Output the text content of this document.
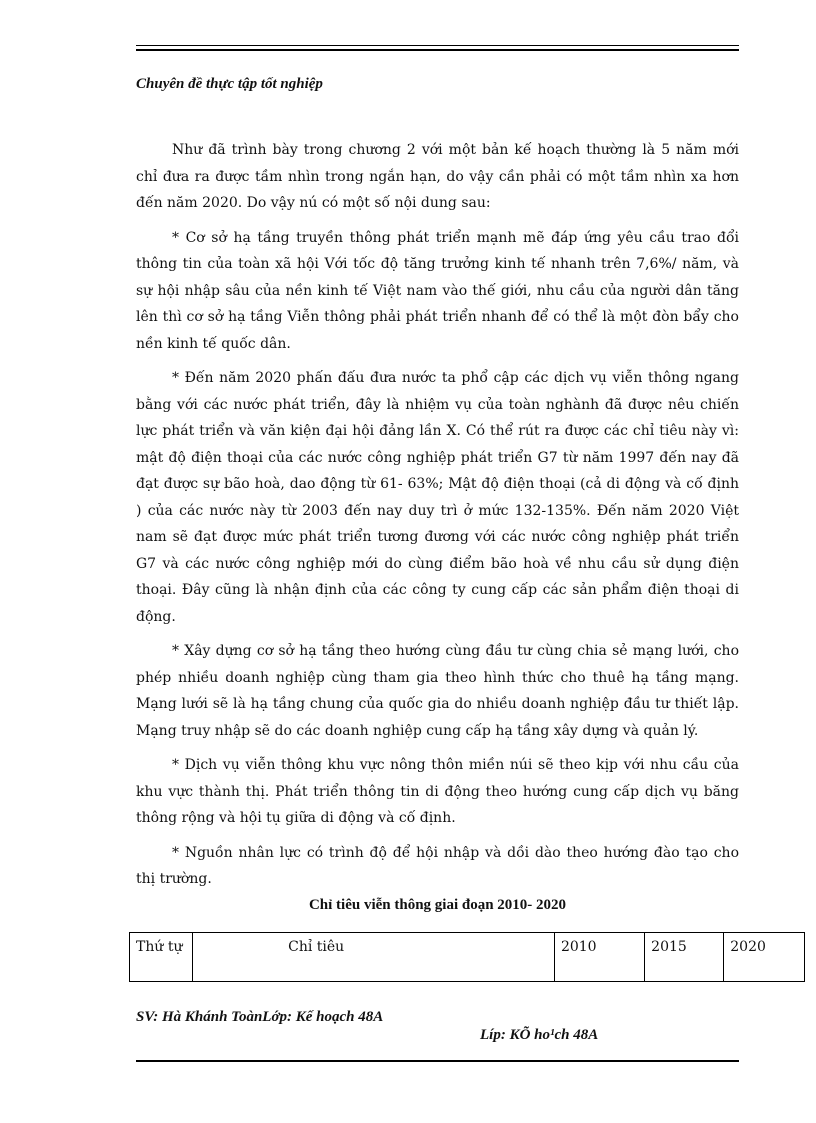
Chuyên đề thực tập tốt nghiệp

Như đã trình bày trong chương 2 với một bản kế hoạch thường là 5 năm mới chỉ đưa ra được tầm nhìn trong ngắn hạn, do vậy cần phải có một tầm nhìn xa hơn đến năm 2020. Do vậy nú có một số nội dung sau:

* Cơ sở hạ tầng truyền thông phát triển mạnh mẽ đáp ứng yêu cầu trao đổi thông tin của toàn xã hội Với tốc độ tăng trưởng kinh tế nhanh trên 7,6%/ năm, và sự hội nhập sâu của nền kinh tế Việt nam vào thế giới, nhu cầu của người dân tăng lên thì cơ sở hạ tầng Viễn thông phải phát triển nhanh để có thể là một đòn bẩy cho nền kinh tế quốc dân.

* Đến năm 2020 phấn đấu đưa nước ta phổ cập các dịch vụ viễn thông ngang bằng với các nước phát triển, đây là nhiệm vụ của toàn nghành đã được nêu chiến lực phát triển và văn kiện đại hội đảng lần X. Có thể rút ra được các chỉ tiêu này vì: mật độ điện thoại của các nước công nghiệp phát triển G7 từ năm 1997 đến nay đã đạt được sự bão hoà, dao động từ 61- 63%; Mật độ điện thoại (cả di động và cố định ) của các nước này từ 2003 đến nay duy trì ở mức 132-135%. Đến năm 2020 Việt nam sẽ đạt được mức phát triển tương đương với các nước công nghiệp phát triển G7 và các nước công nghiệp mới do cùng điểm bão hoà về nhu cầu sử dụng điện thoại. Đây cũng là nhận định của các công ty cung cấp các sản phẩm điện thoại di động.

* Xây dựng cơ sở hạ tầng theo hướng cùng đầu tư cùng chia sẻ mạng lưới, cho phép nhiều doanh nghiệp cùng tham gia theo hình thức cho thuê hạ tầng mạng. Mạng lưới sẽ là hạ tầng chung của quốc gia do nhiều doanh nghiệp đầu tư thiết lập. Mạng truy nhập sẽ do các doanh nghiệp cung cấp hạ tầng xây dựng và quản lý.

* Dịch vụ viễn thông khu vực nông thôn miền núi sẽ theo kịp với nhu cầu của khu vực thành thị. Phát triển thông tin di động theo hướng cung cấp dịch vụ băng thông rộng và hội tụ giữa di động và cố định.

* Nguồn nhân lực có trình độ để hội nhập và dồi dào theo hướng đào tạo cho thị trường.

Chỉ tiêu viễn thông giai đoạn 2010- 2020
Thứ tự	Chỉ tiêu	2010	2015	2020
SV: Hà Khánh ToànLớp: Kế hoạch 48A
Líp: KÕ ho¹ch 48A
